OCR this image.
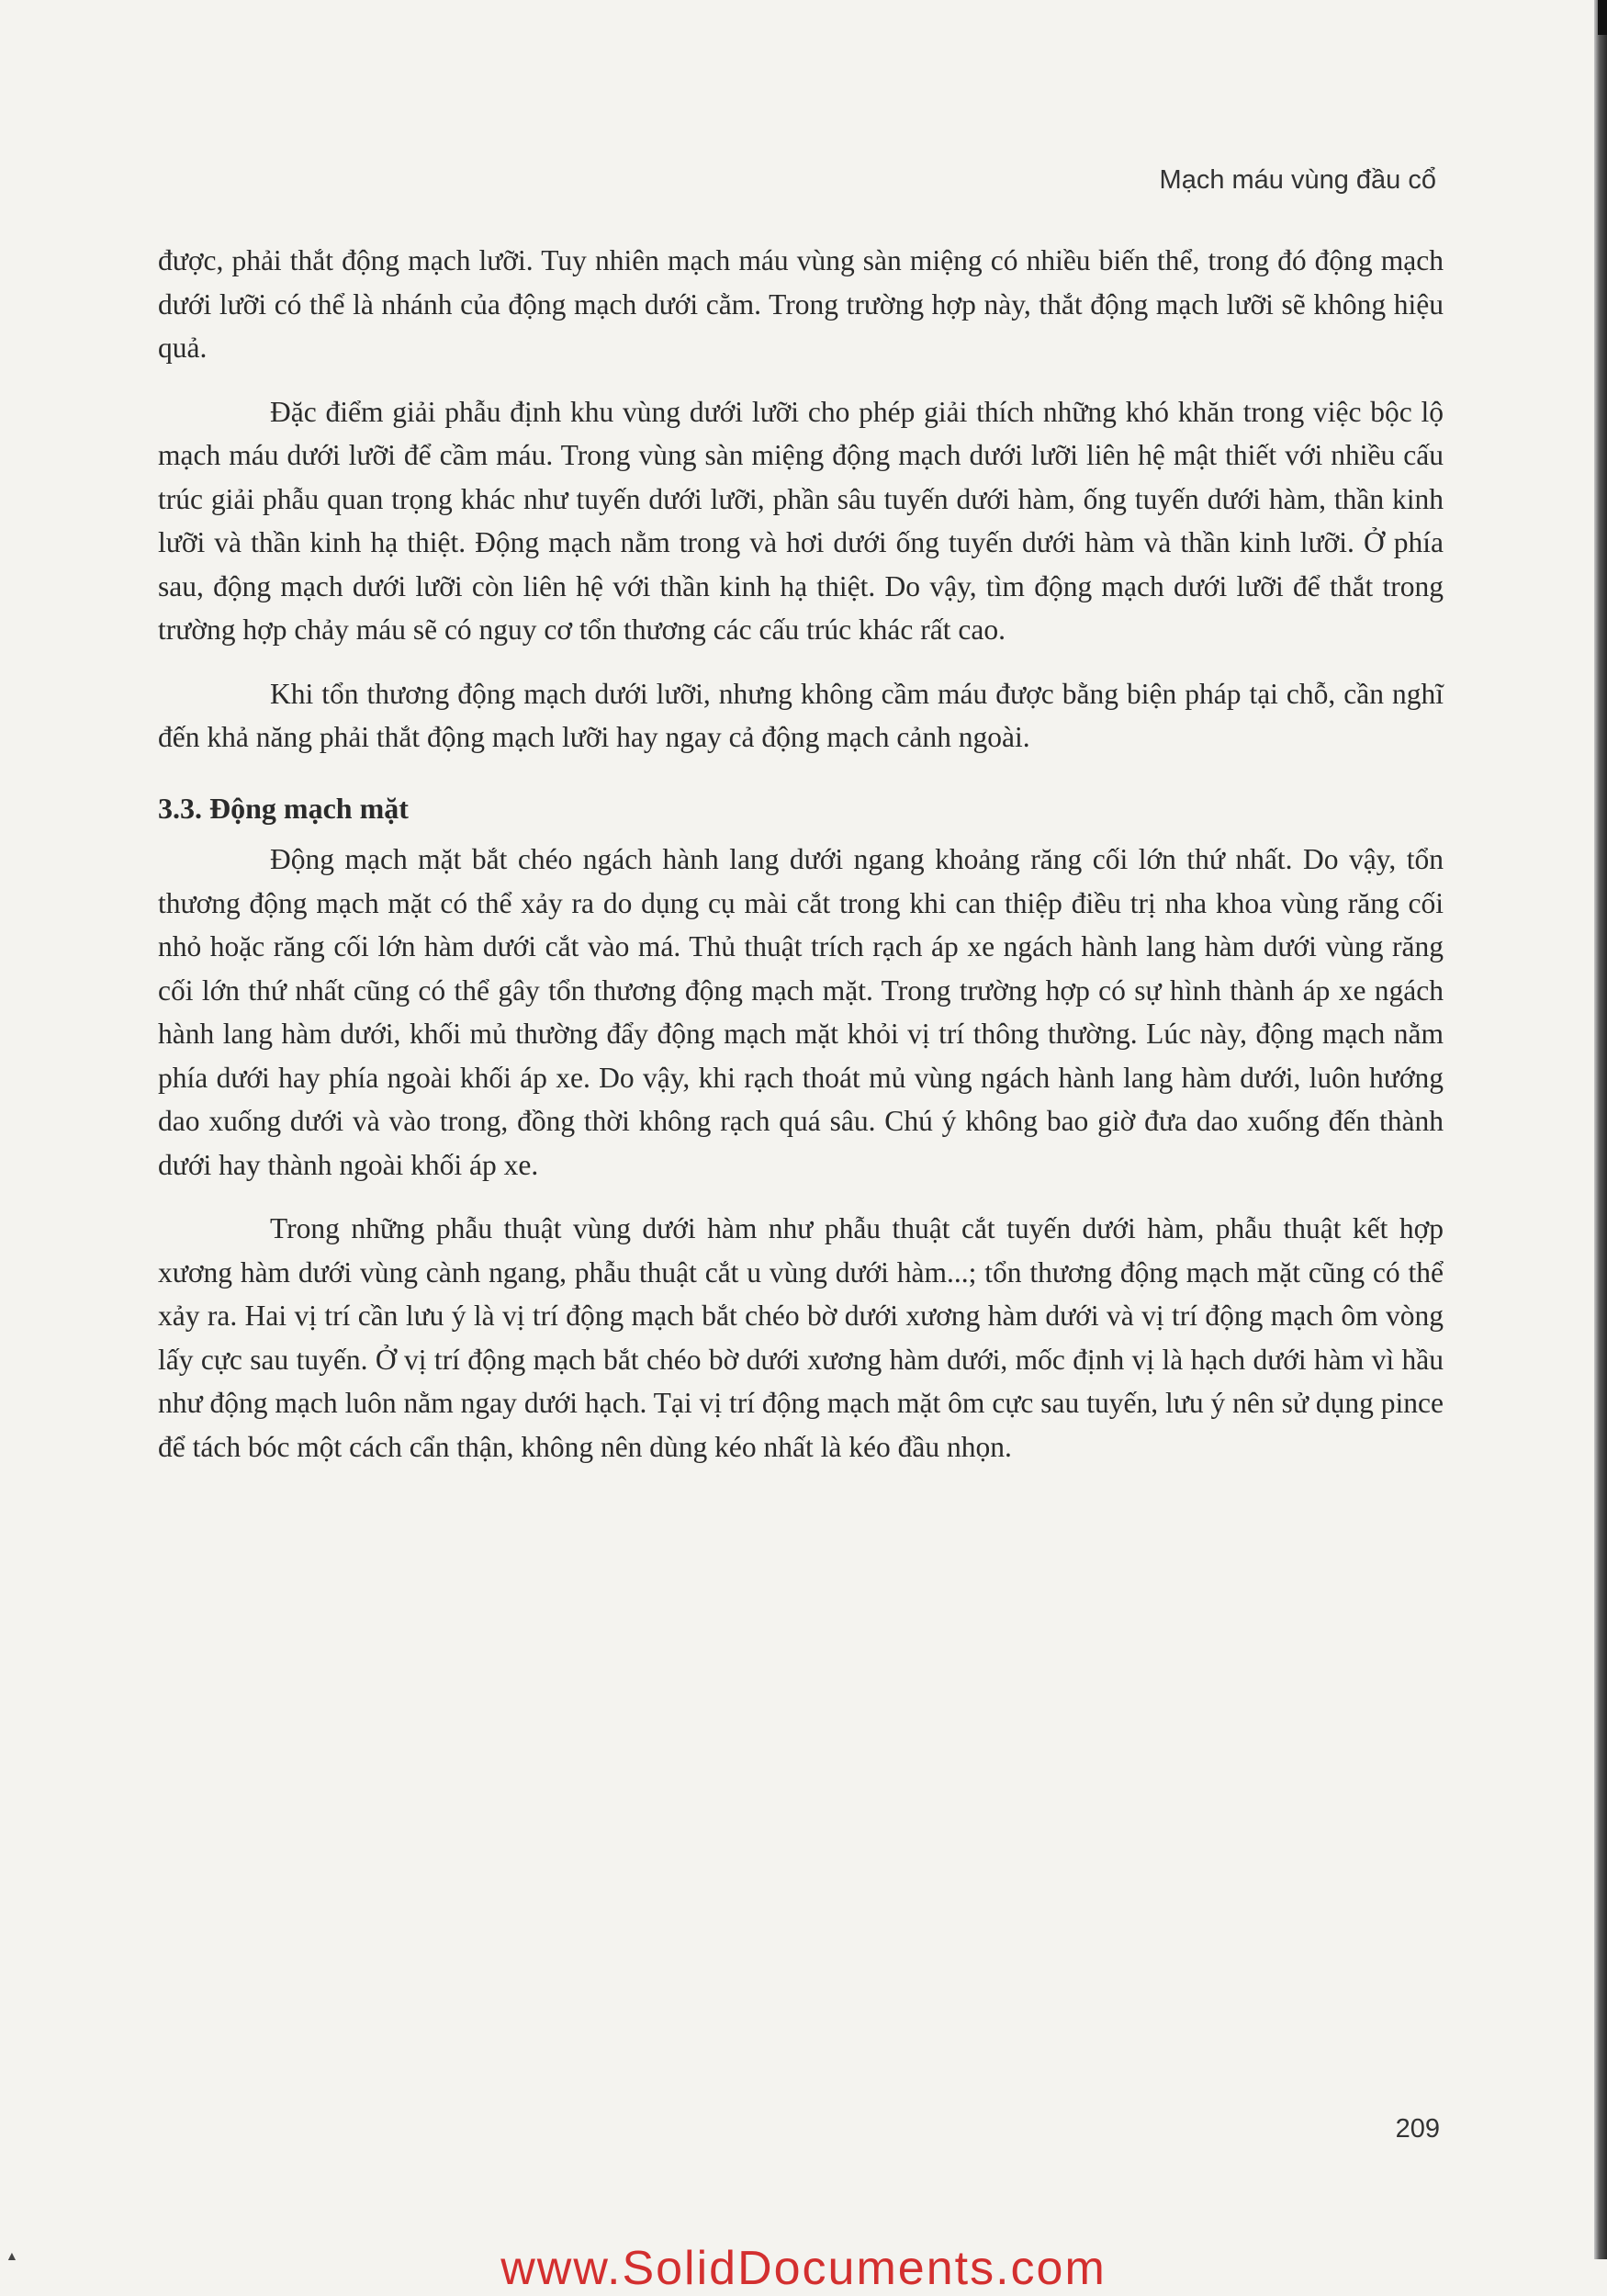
Mạch máu vùng đầu cổ

được, phải thắt động mạch lưỡi. Tuy nhiên mạch máu vùng sàn miệng có nhiều biến thể, trong đó động mạch dưới lưỡi có thể là nhánh của động mạch dưới cằm. Trong trường hợp này, thắt động mạch lưỡi sẽ không hiệu quả.

Đặc điểm giải phẫu định khu vùng dưới lưỡi cho phép giải thích những khó khăn trong việc bộc lộ mạch máu dưới lưỡi để cầm máu. Trong vùng sàn miệng động mạch dưới lưỡi liên hệ mật thiết với nhiều cấu trúc giải phẫu quan trọng khác như tuyến dưới lưỡi, phần sâu tuyến dưới hàm, ống tuyến dưới hàm, thần kinh lưỡi và thần kinh hạ thiệt. Động mạch nằm trong và hơi dưới ống tuyến dưới hàm và thần kinh lưỡi. Ở phía sau, động mạch dưới lưỡi còn liên hệ với thần kinh hạ thiệt. Do vậy, tìm động mạch dưới lưỡi để thắt trong trường hợp chảy máu sẽ có nguy cơ tổn thương các cấu trúc khác rất cao.

Khi tổn thương động mạch dưới lưỡi, nhưng không cầm máu được bằng biện pháp tại chỗ, cần nghĩ đến khả năng phải thắt động mạch lưỡi hay ngay cả động mạch cảnh ngoài.

3.3. Động mạch mặt

Động mạch mặt bắt chéo ngách hành lang dưới ngang khoảng răng cối lớn thứ nhất. Do vậy, tổn thương động mạch mặt có thể xảy ra do dụng cụ mài cắt trong khi can thiệp điều trị nha khoa vùng răng cối nhỏ hoặc răng cối lớn hàm dưới cắt vào má. Thủ thuật trích rạch áp xe ngách hành lang hàm dưới vùng răng cối lớn thứ nhất cũng có thể gây tổn thương động mạch mặt. Trong trường hợp có sự hình thành áp xe ngách hành lang hàm dưới, khối mủ thường đẩy động mạch mặt khỏi vị trí thông thường. Lúc này, động mạch nằm phía dưới hay phía ngoài khối áp xe. Do vậy, khi rạch thoát mủ vùng ngách hành lang hàm dưới, luôn hướng dao xuống dưới và vào trong, đồng thời không rạch quá sâu. Chú ý không bao giờ đưa dao xuống đến thành dưới hay thành ngoài khối áp xe.

Trong những phẫu thuật vùng dưới hàm như phẫu thuật cắt tuyến dưới hàm, phẫu thuật kết hợp xương hàm dưới vùng cành ngang, phẫu thuật cắt u vùng dưới hàm...; tổn thương động mạch mặt cũng có thể xảy ra. Hai vị trí cần lưu ý là vị trí động mạch bắt chéo bờ dưới xương hàm dưới và vị trí động mạch ôm vòng lấy cực sau tuyến. Ở vị trí động mạch bắt chéo bờ dưới xương hàm dưới, mốc định vị là hạch dưới hàm vì hầu như động mạch luôn nằm ngay dưới hạch. Tại vị trí động mạch mặt ôm cực sau tuyến, lưu ý nên sử dụng pince để tách bóc một cách cẩn thận, không nên dùng kéo nhất là kéo đầu nhọn.

209
▲	www.SolidDocuments.com
